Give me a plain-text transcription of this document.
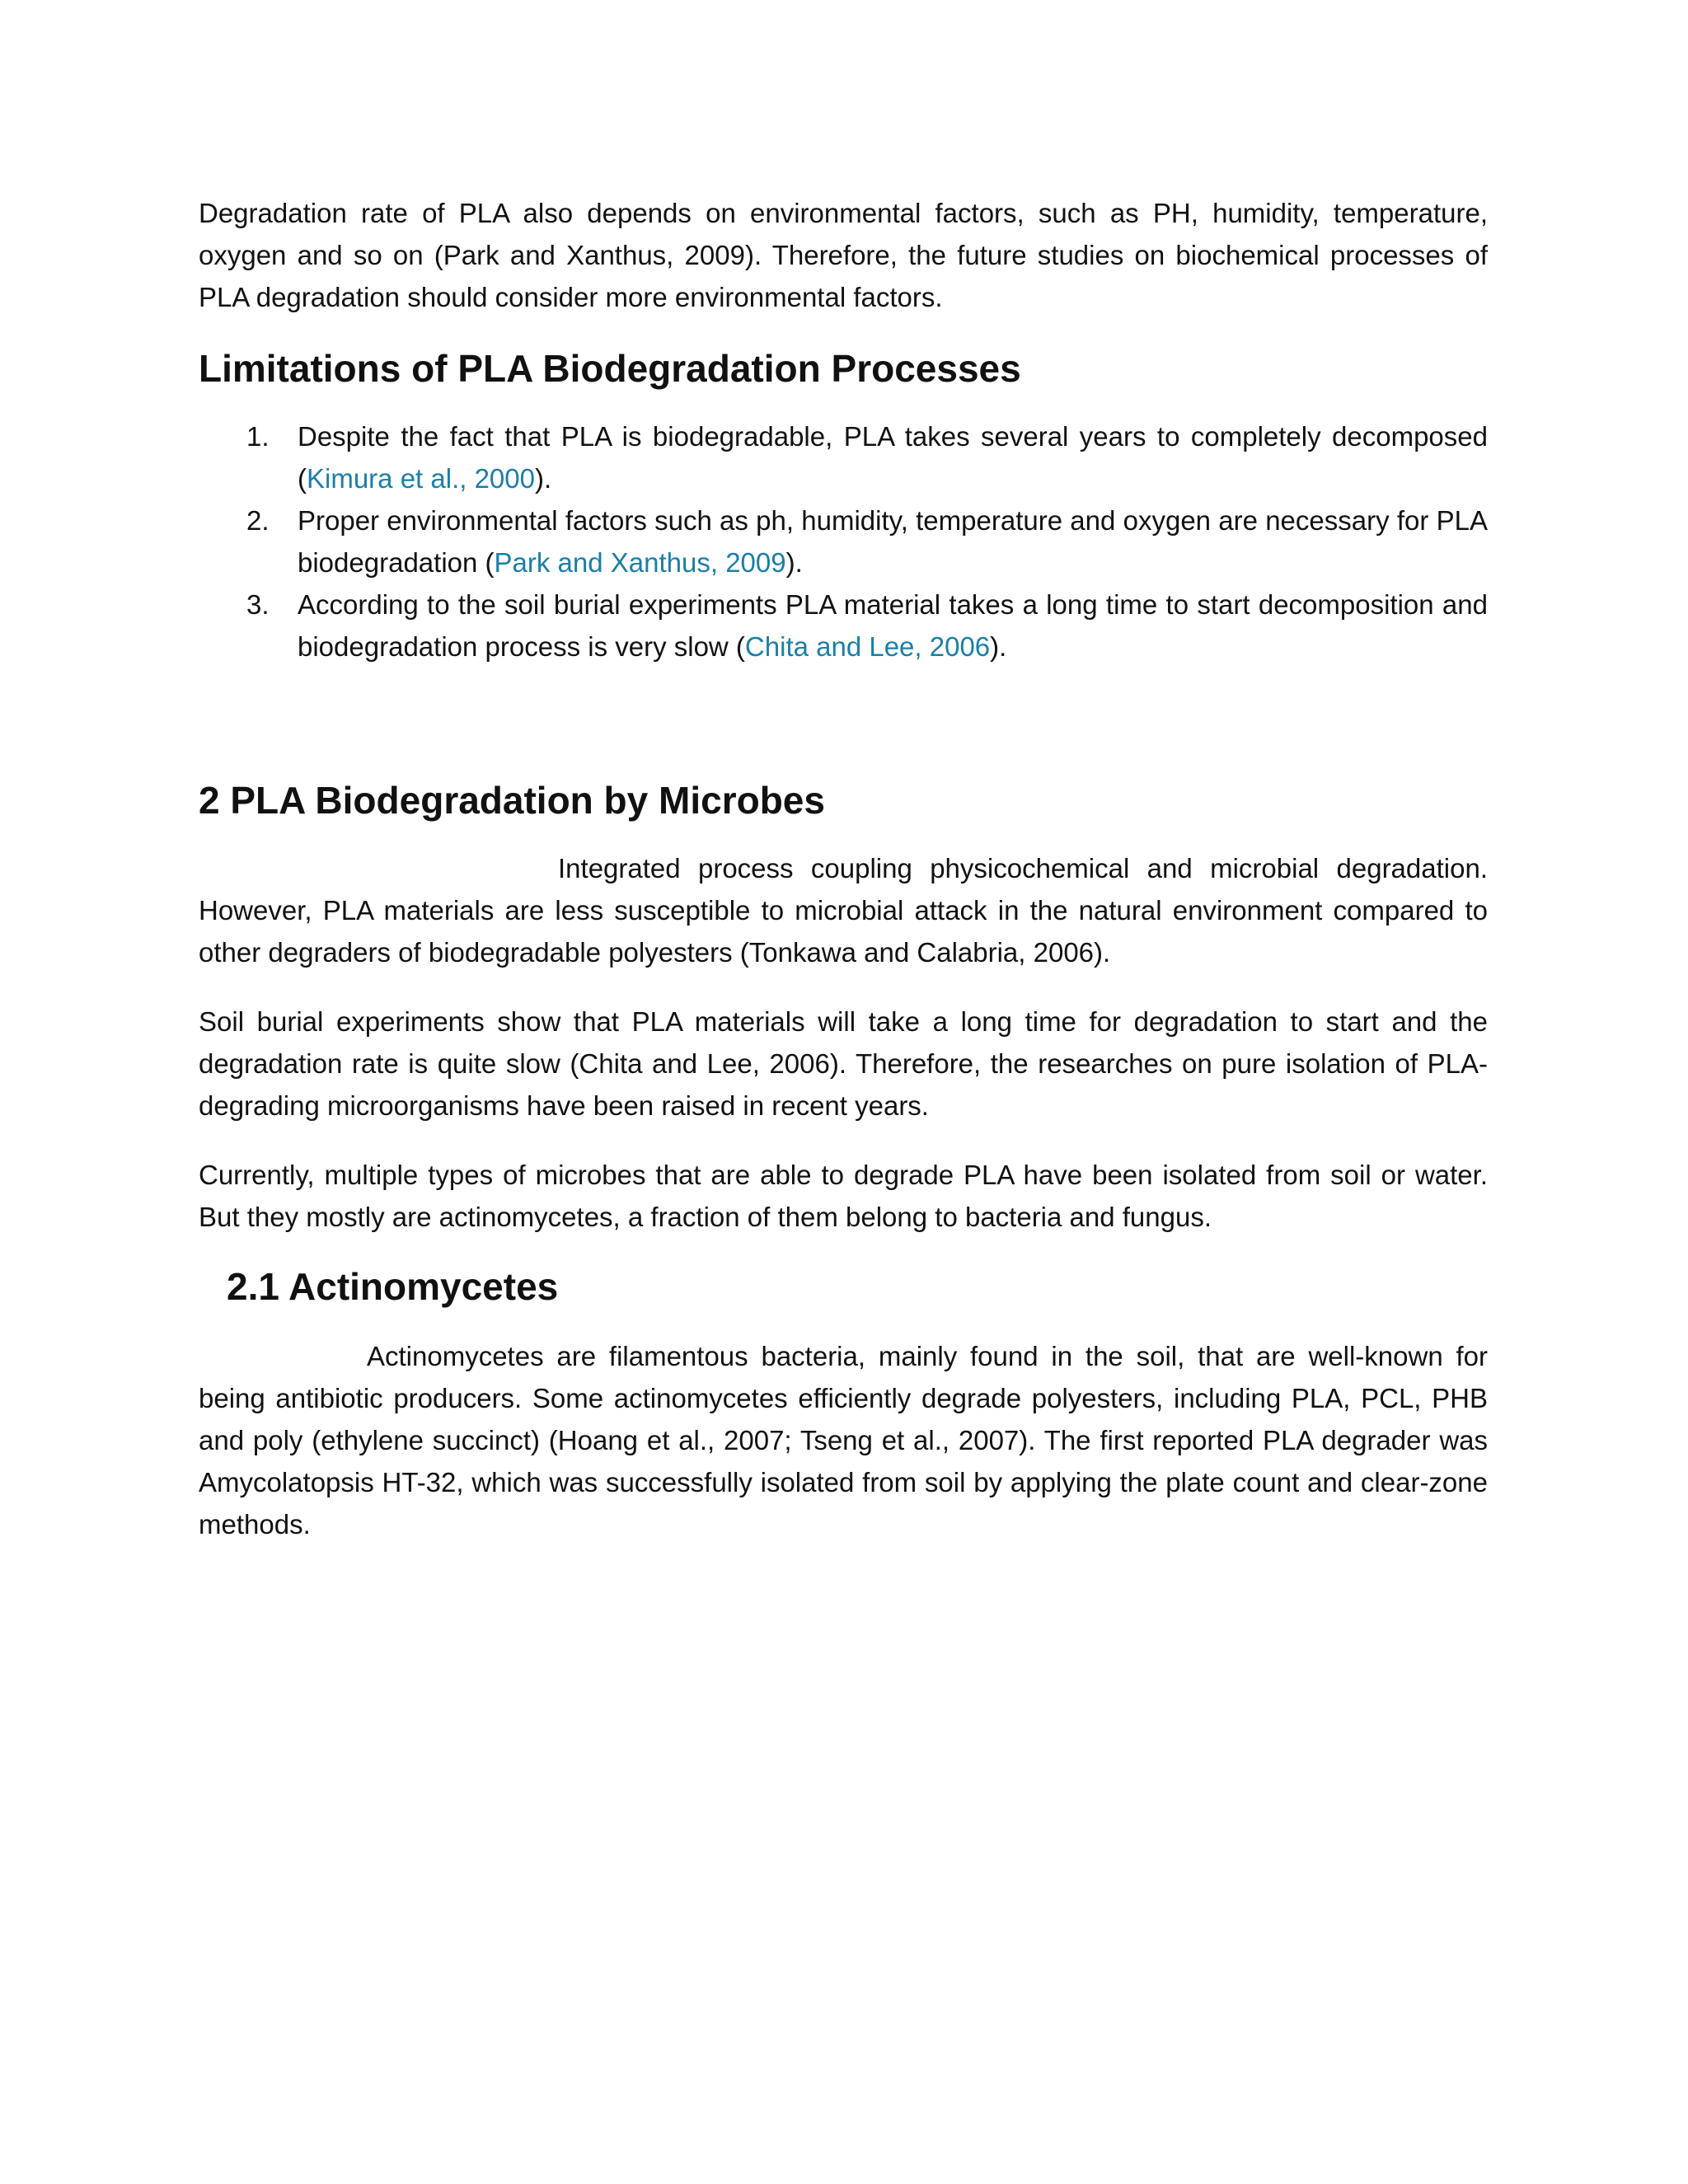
Degradation rate of PLA also depends on environmental factors, such as PH, humidity, temperature, oxygen and so on (Park and Xanthus, 2009). Therefore, the future studies on biochemical processes of PLA degradation should consider more environmental factors.

Limitations of PLA Biodegradation Processes
1. Despite the fact that PLA is biodegradable, PLA takes several years to completely decomposed (Kimura et al., 2000).
2. Proper environmental factors such as ph, humidity, temperature and oxygen are necessary for PLA biodegradation (Park and Xanthus, 2009).
3. According to the soil burial experiments PLA material takes a long time to start decomposition and biodegradation process is very slow (Chita and Lee, 2006).
2 PLA Biodegradation by Microbes

Integrated process coupling physicochemical and microbial degradation. However, PLA materials are less susceptible to microbial attack in the natural environment compared to other degraders of biodegradable polyesters (Tonkawa and Calabria, 2006).

Soil burial experiments show that PLA materials will take a long time for degradation to start and the degradation rate is quite slow (Chita and Lee, 2006). Therefore, the researches on pure isolation of PLA-degrading microorganisms have been raised in recent years.

Currently, multiple types of microbes that are able to degrade PLA have been isolated from soil or water. But they mostly are actinomycetes, a fraction of them belong to bacteria and fungus.

2.1 Actinomycetes

Actinomycetes are filamentous bacteria, mainly found in the soil, that are well-known for being antibiotic producers. Some actinomycetes efficiently degrade polyesters, including PLA, PCL, PHB and poly (ethylene succinct) (Hoang et al., 2007; Tseng et al., 2007). The first reported PLA degrader was Amycolatopsis HT-32, which was successfully isolated from soil by applying the plate count and clear-zone methods.
